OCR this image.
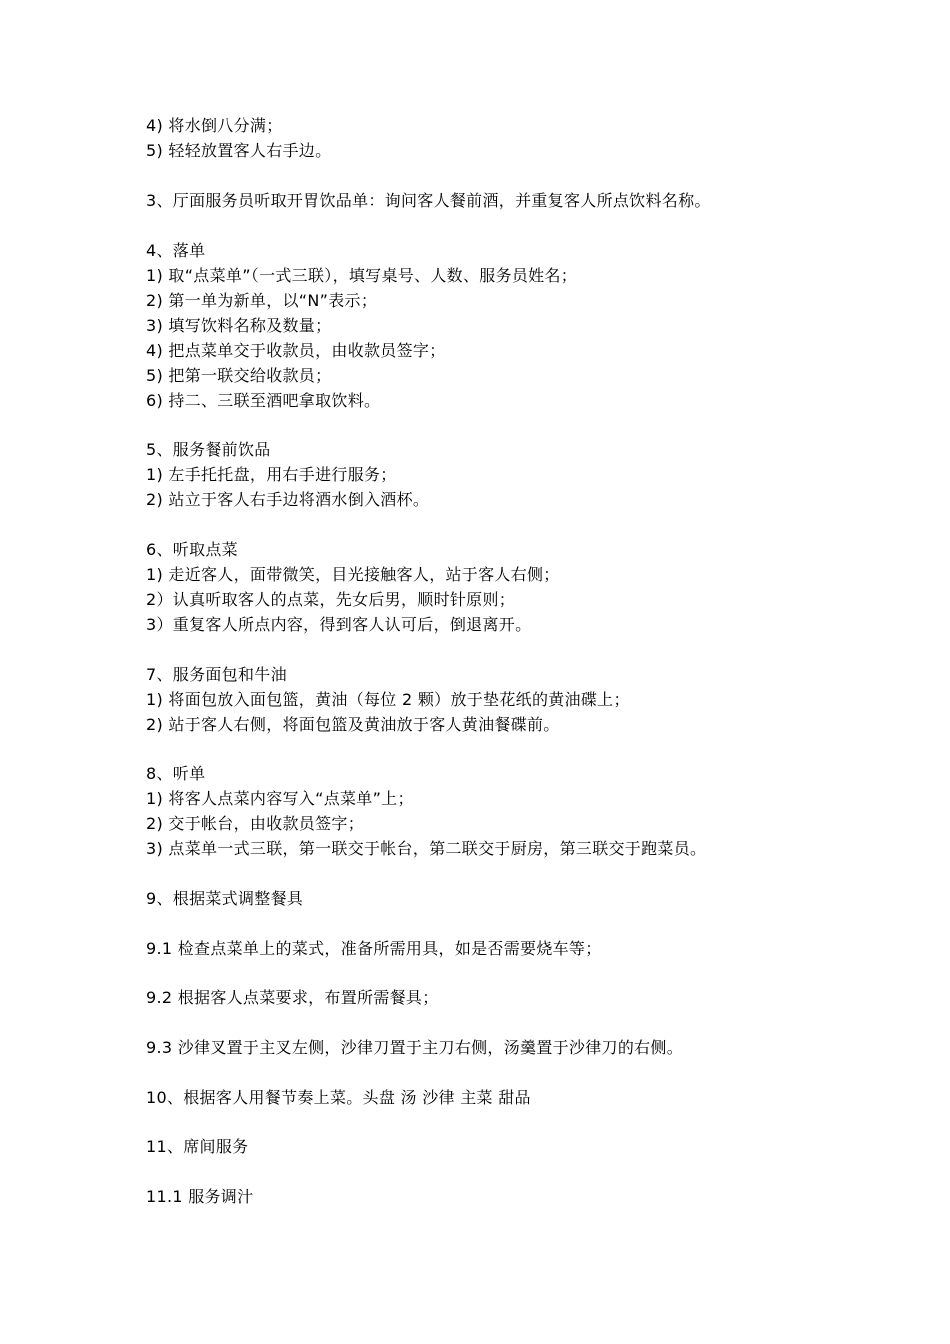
4) 将水倒八分满；
5) 轻轻放置客人右手边。
3、厅面服务员听取开胃饮品单：询问客人餐前酒，并重复客人所点饮料名称。
4、落单
1) 取“点菜单”（一式三联），填写桌号、人数、服务员姓名；
2) 第一单为新单，以“N”表示；
3) 填写饮料名称及数量；
4) 把点菜单交于收款员，由收款员签字；
5) 把第一联交给收款员；
6) 持二、三联至酒吧拿取饮料。
5、服务餐前饮品
1) 左手托托盘，用右手进行服务；
2) 站立于客人右手边将酒水倒入酒杯。
6、听取点菜
1) 走近客人，面带微笑，目光接触客人，站于客人右侧；
2）认真听取客人的点菜，先女后男，顺时针原则；
3）重复客人所点内容，得到客人认可后，倒退离开。
7、服务面包和牛油
1) 将面包放入面包篮，黄油（每位 2 颗）放于垫花纸的黄油碟上；
2) 站于客人右侧，将面包篮及黄油放于客人黄油餐碟前。
8、听单
1) 将客人点菜内容写入“点菜单”上；
2) 交于帐台，由收款员签字；
3) 点菜单一式三联，第一联交于帐台，第二联交于厨房，第三联交于跑菜员。
9、根据菜式调整餐具
9.1 检查点菜单上的菜式，准备所需用具，如是否需要烧车等；
9.2 根据客人点菜要求，布置所需餐具；
9.3 沙律叉置于主叉左侧，沙律刀置于主刀右侧，汤羹置于沙律刀的右侧。
10、根据客人用餐节奏上菜。头盘 汤 沙律 主菜 甜品
11、席间服务
11.1 服务调汁
